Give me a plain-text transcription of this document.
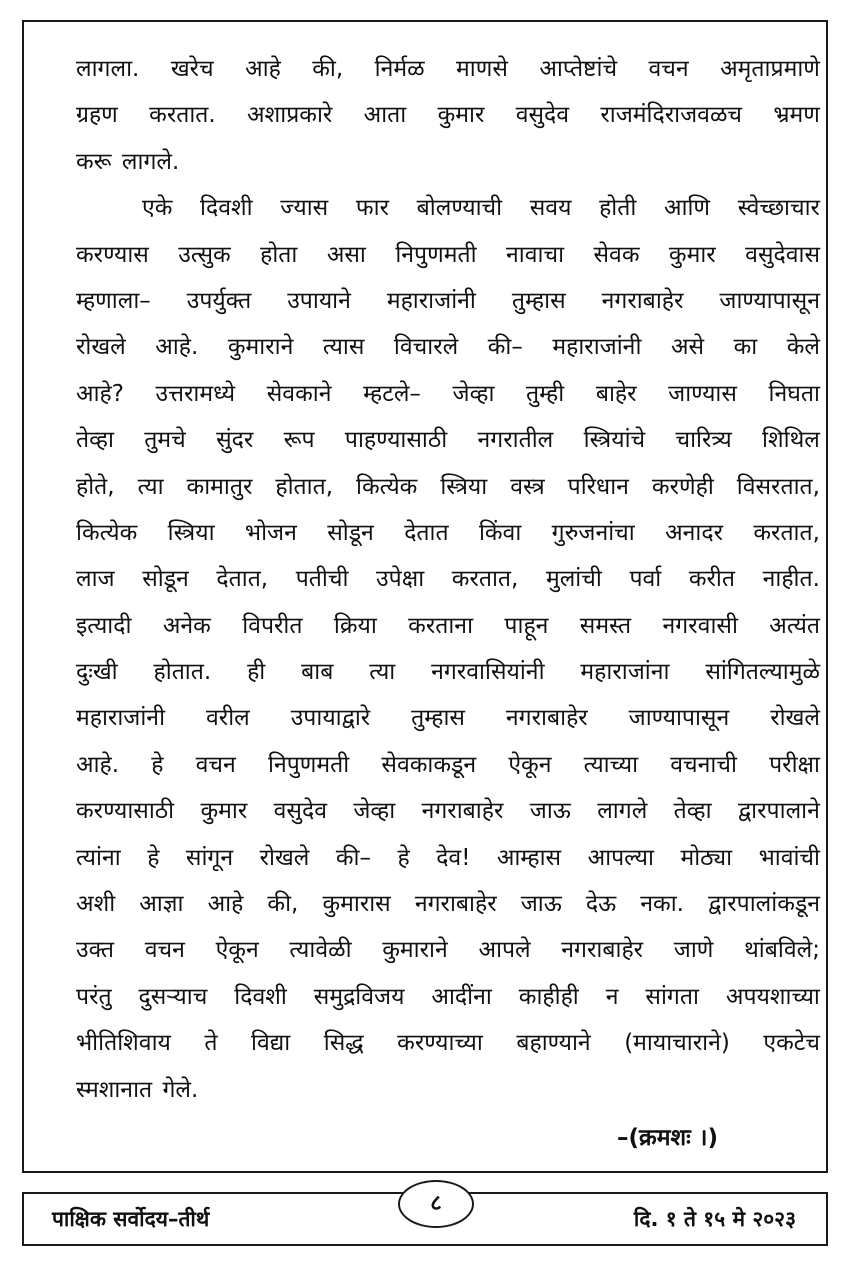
लागला. खरेच आहे की, निर्मळ माणसे आप्तेष्टांचे वचन अमृताप्रमाणे
ग्रहण करतात. अशाप्रकारे आता कुमार वसुदेव राजमंदिराजवळच भ्रमण
करू लागले.
एके दिवशी ज्यास फार बोलण्याची सवय होती आणि स्वेच्छाचार
करण्यास उत्सुक होता असा निपुणमती नावाचा सेवक कुमार वसुदेवास
म्हणाला– उपर्युक्त उपायाने महाराजांनी तुम्हास नगराबाहेर जाण्यापासून
रोखले आहे. कुमाराने त्यास विचारले की– महाराजांनी असे का केले
आहे? उत्तरामध्ये सेवकाने म्हटले– जेव्हा तुम्ही बाहेर जाण्यास निघता
तेव्हा तुमचे सुंदर रूप पाहण्यासाठी नगरातील स्त्रियांचे चारित्र्य शिथिल
होते, त्या कामातुर होतात, कित्येक स्त्रिया वस्त्र परिधान करणेही विसरतात,
कित्येक स्त्रिया भोजन सोडून देतात किंवा गुरुजनांचा अनादर करतात,
लाज सोडून देतात, पतीची उपेक्षा करतात, मुलांची पर्वा करीत नाहीत.
इत्यादी अनेक विपरीत क्रिया करताना पाहून समस्त नगरवासी अत्यंत
दुःखी होतात. ही बाब त्या नगरवासियांनी महाराजांना सांगितल्यामुळे
महाराजांनी वरील उपायाद्वारे तुम्हास नगराबाहेर जाण्यापासून रोखले
आहे. हे वचन निपुणमती सेवकाकडून ऐकून त्याच्या वचनाची परीक्षा
करण्यासाठी कुमार वसुदेव जेव्हा नगराबाहेर जाऊ लागले तेव्हा द्वारपालाने
त्यांना हे सांगून रोखले की– हे देव! आम्हास आपल्या मोठ्या भावांची
अशी आज्ञा आहे की, कुमारास नगराबाहेर जाऊ देऊ नका. द्वारपालांकडून
उक्त वचन ऐकून त्यावेळी कुमाराने आपले नगराबाहेर जाणे थांबविले;
परंतु दुसऱ्याच दिवशी समुद्रविजय आदींना काहीही न सांगता अपयशाच्या
भीतिशिवाय ते विद्या सिद्ध करण्याच्या बहाण्याने (मायाचाराने) एकटेच
स्मशानात गेले.
–(क्रमशः ।)
पाक्षिक सर्वोदय–तीर्थ
८
दि. १ ते १५ मे २०२३
